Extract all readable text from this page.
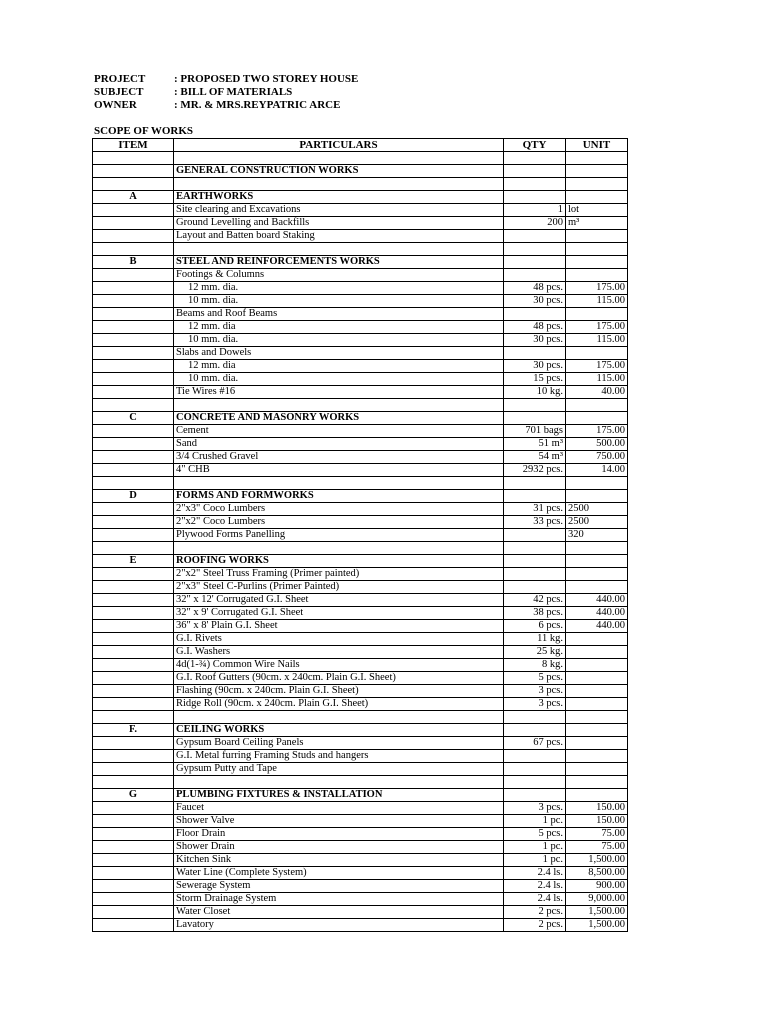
PROJECT	: PROPOSED TWO STOREY HOUSE
SUBJECT	: BILL OF MATERIALS
OWNER	: MR. & MRS.REYPATRIC ARCE
SCOPE OF WORKS
ITEM	PARTICULARS	QTY	UNIT

	GENERAL CONSTRUCTION WORKS		

A	EARTHWORKS		
	Site clearing and Excavations	1	lot
	Ground Levelling and Backfills	200	m³
	Layout and Batten board Staking		

B	STEEL AND REINFORCEMENTS WORKS		
	Footings & Columns		
	12 mm. dia.	48 pcs.	175.00
	10 mm. dia.	30 pcs.	115.00
	Beams and Roof Beams		
	12 mm. dia	48 pcs.	175.00
	10 mm. dia.	30 pcs.	115.00
	Slabs and Dowels		
	12 mm. dia	30 pcs.	175.00
	10 mm. dia.	15 pcs.	115.00
	Tie Wires #16	10 kg.	40.00

C	CONCRETE AND MASONRY WORKS		
	Cement	701 bags	175.00
	Sand	51 m³	500.00
	3/4 Crushed Gravel	54 m³	750.00
	4" CHB	2932 pcs.	14.00

D	FORMS AND FORMWORKS		
	2"x3" Coco Lumbers	31 pcs.	2500
	2"x2" Coco Lumbers	33 pcs.	2500
	Plywood Forms Panelling		320

E	ROOFING WORKS		
	2"x2" Steel Truss Framing (Primer painted)		
	2"x3" Steel C-Purlins (Primer Painted)		
	32" x 12' Corrugated G.I. Sheet	42 pcs.	440.00
	32" x 9' Corrugated G.I. Sheet	38 pcs.	440.00
	36" x 8' Plain G.I. Sheet	6 pcs.	440.00
	G.I. Rivets	11 kg.	
	G.I. Washers	25 kg.	
	4d(1-¾) Common Wire Nails	8 kg.	
	G.I. Roof Gutters (90cm. x 240cm. Plain G.I. Sheet)	5 pcs.	
	Flashing (90cm. x 240cm. Plain G.I. Sheet)	3 pcs.	
	Ridge Roll (90cm. x 240cm. Plain G.I. Sheet)	3 pcs.	

F.	CEILING WORKS		
	Gypsum Board Ceiling Panels	67 pcs.	
	G.I. Metal furring Framing Studs and hangers		
	Gypsum Putty and Tape		

G	PLUMBING FIXTURES & INSTALLATION		
	Faucet	3 pcs.	150.00
	Shower Valve	1 pc.	150.00
	Floor Drain	5 pcs.	75.00
	Shower Drain	1 pc.	75.00
	Kitchen Sink	1 pc.	1,500.00
	Water Line (Complete System)	2.4 ls.	8,500.00
	Sewerage System	2.4 ls.	900.00
	Storm Drainage System	2.4 ls.	9,000.00
	Water Closet	2 pcs.	1,500.00
	Lavatory	2 pcs.	1,500.00
